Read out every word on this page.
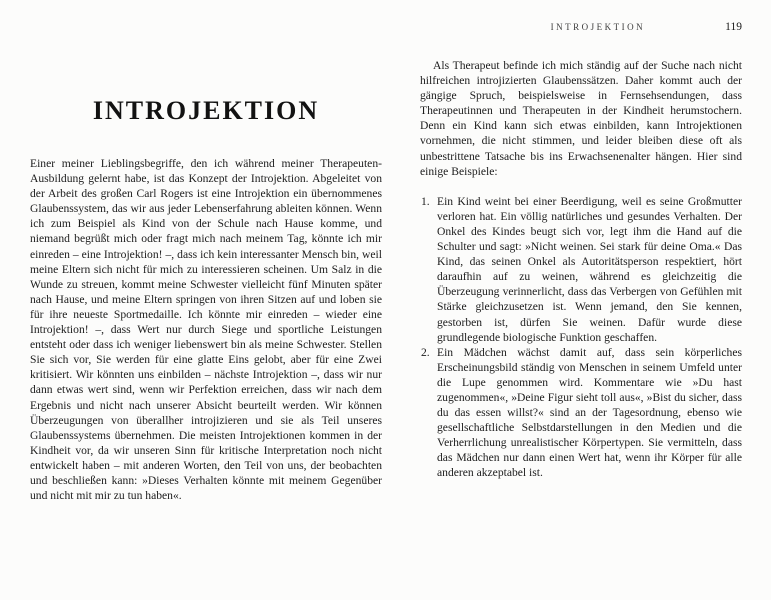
INTROJEKTION

Einer meiner Lieblingsbegriffe, den ich während meiner Therapeuten-Ausbildung gelernt habe, ist das Konzept der Introjektion. Abgeleitet von der Arbeit des großen Carl Rogers ist eine Introjektion ein übernommenes Glaubenssystem, das wir aus jeder Lebenserfahrung ableiten können. Wenn ich zum Beispiel als Kind von der Schule nach Hause komme, und niemand begrüßt mich oder fragt mich nach meinem Tag, könnte ich mir einreden – eine Introjektion! –, dass ich kein interessanter Mensch bin, weil meine Eltern sich nicht für mich zu interessieren scheinen. Um Salz in die Wunde zu streuen, kommt meine Schwester vielleicht fünf Minuten später nach Hause, und meine Eltern springen von ihren Sitzen auf und loben sie für ihre neueste Sportmedaille. Ich könnte mir einreden – wieder eine Introjektion! –, dass Wert nur durch Siege und sportliche Leistungen entsteht oder dass ich weniger liebenswert bin als meine Schwester. Stellen Sie sich vor, Sie werden für eine glatte Eins gelobt, aber für eine Zwei kritisiert. Wir könnten uns einbilden – nächste Introjektion –, dass wir nur dann etwas wert sind, wenn wir Perfektion erreichen, dass wir nach dem Ergebnis und nicht nach unserer Absicht beurteilt werden. Wir können Überzeugungen von überallher introjizieren und sie als Teil unseres Glaubenssystems übernehmen. Die meisten Introjektionen kommen in der Kindheit vor, da wir unseren Sinn für kritische Interpretation noch nicht entwickelt haben – mit anderen Worten, den Teil von uns, der beobachten und beschließen kann: »Dieses Verhalten könnte mit meinem Gegenüber und nicht mit mir zu tun haben«.

INTROJEKTION	119

Als Therapeut befinde ich mich ständig auf der Suche nach nicht hilfreichen introjizierten Glaubenssätzen. Daher kommt auch der gängige Spruch, beispielsweise in Fernsehsendungen, dass Therapeutinnen und Therapeuten in der Kindheit herumstochern. Denn ein Kind kann sich etwas einbilden, kann Introjektionen vornehmen, die nicht stimmen, und leider bleiben diese oft als unbestrittene Tatsache bis ins Erwachsenenalter hängen. Hier sind einige Beispiele:

1. Ein Kind weint bei einer Beerdigung, weil es seine Großmutter verloren hat. Ein völlig natürliches und gesundes Verhalten. Der Onkel des Kindes beugt sich vor, legt ihm die Hand auf die Schulter und sagt: »Nicht weinen. Sei stark für deine Oma.« Das Kind, das seinen Onkel als Autoritätsperson respektiert, hört daraufhin auf zu weinen, während es gleichzeitig die Überzeugung verinnerlicht, dass das Verbergen von Gefühlen mit Stärke gleichzusetzen ist. Wenn jemand, den Sie kennen, gestorben ist, dürfen Sie weinen. Dafür wurde diese grundlegende biologische Funktion geschaffen.
2. Ein Mädchen wächst damit auf, dass sein körperliches Erscheinungsbild ständig von Menschen in seinem Umfeld unter die Lupe genommen wird. Kommentare wie »Du hast zugenommen«, »Deine Figur sieht toll aus«, »Bist du sicher, dass du das essen willst?« sind an der Tagesordnung, ebenso wie gesellschaftliche Selbstdarstellungen in den Medien und die Verherrlichung unrealistischer Körpertypen. Sie vermitteln, dass das Mädchen nur dann einen Wert hat, wenn ihr Körper für alle anderen akzeptabel ist.
